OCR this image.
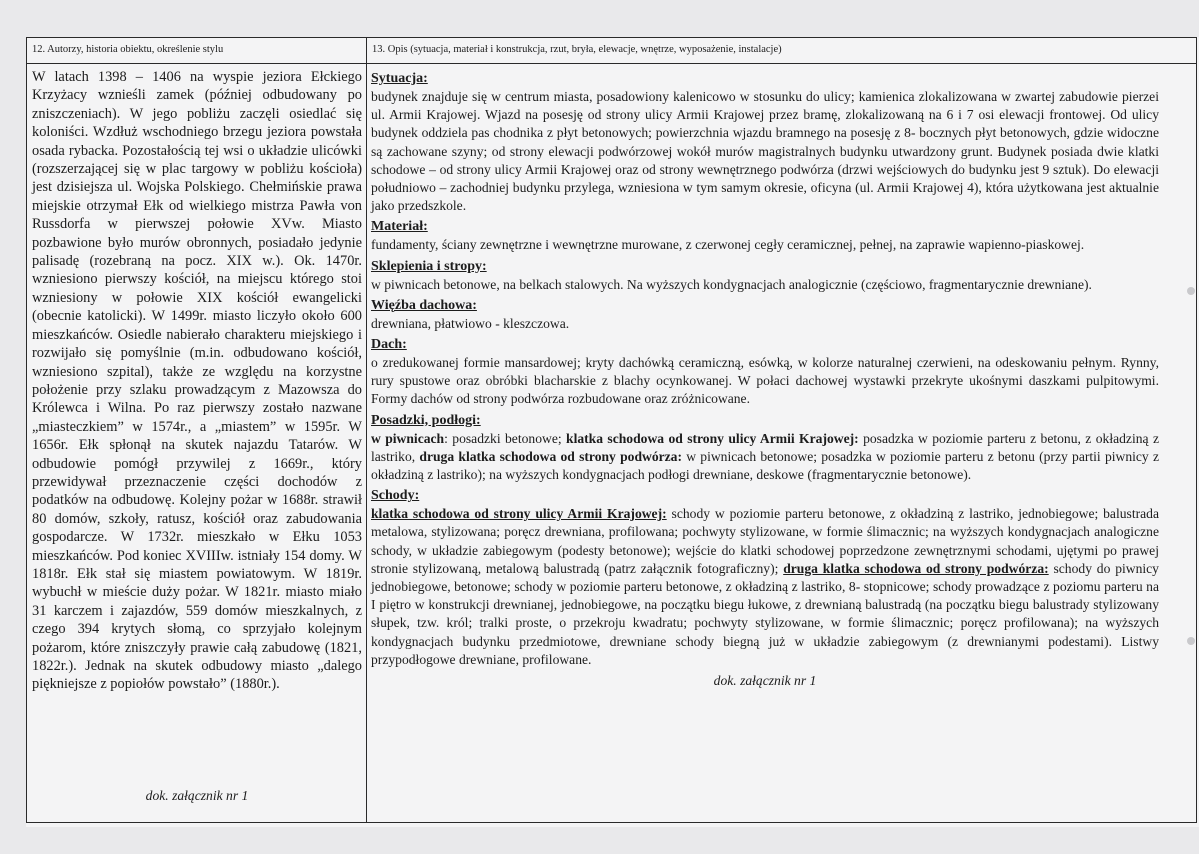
12. Autorzy, historia obiektu, określenie stylu	13. Opis (sytuacja, materiał i konstrukcja, rzut, bryła, elewacje, wnętrze, wyposażenie, instalacje)
W latach 1398 – 1406 na wyspie jeziora Ełckiego Krzyżacy wznieśli zamek (później odbudowany po zniszczeniach). W jego pobliżu zaczęli osiedlać się koloniści. Wzdłuż wschodniego brzegu jeziora powstała osada rybacka. Pozostałością tej wsi o układzie ulicówki (rozszerzającej się w plac targowy w pobliżu kościoła) jest dzisiejsza ul. Wojska Polskiego. Chełmińskie prawa miejskie otrzymał Ełk od wielkiego mistrza Pawła von Russdorfa w pierwszej połowie XVw. Miasto pozbawione było murów obronnych, posiadało jedynie palisadę (rozebraną na pocz. XIX w.). Ok. 1470r. wzniesiono pierwszy kościół, na miejscu którego stoi wzniesiony w połowie XIX kościół ewangelicki (obecnie katolicki). W 1499r. miasto liczyło około 600 mieszkańców. Osiedle nabierało charakteru miejskiego i rozwijało się pomyślnie (m.in. odbudowano kościół, wzniesiono szpital), także ze względu na korzystne położenie przy szlaku prowadzącym z Mazowsza do Królewca i Wilna. Po raz pierwszy zostało nazwane „miasteczkiem” w 1574r., a „miastem” w 1595r. W 1656r. Ełk spłonął na skutek najazdu Tatarów. W odbudowie pomógł przywilej z 1669r., który przewidywał przeznaczenie części dochodów z podatków na odbudowę. Kolejny pożar w 1688r. strawił 80 domów, szkoły, ratusz, kościół oraz zabudowania gospodarcze. W 1732r. mieszkało w Ełku 1053 mieszkańców. Pod koniec XVIIIw. istniały 154 domy. W 1818r. Ełk stał się miastem powiatowym. W 1819r. wybuchł w mieście duży pożar. W 1821r. miasto miało 31 karczem i zajazdów, 559 domów mieszkalnych, z czego 394 krytych słomą, co sprzyjało kolejnym pożarom, które zniszczyły prawie całą zabudowę (1821, 1822r.). Jednak na skutek odbudowy miasto „dalego piękniejsze z popiołów powstało” (1880r.).
dok. załącznik nr 1
Sytuacja:
budynek znajduje się w centrum miasta, posadowiony kalenicowo w stosunku do ulicy; kamienica zlokalizowana w zwartej zabudowie pierzei ul. Armii Krajowej. Wjazd na posesję od strony ulicy Armii Krajowej przez bramę, zlokalizowaną na 6 i 7 osi elewacji frontowej. Od ulicy budynek oddziela pas chodnika z płyt betonowych; powierzchnia wjazdu bramnego na posesję z 8- bocznych płyt betonowych, gdzie widoczne są zachowane szyny; od strony elewacji podwórzowej wokół murów magistralnych budynku utwardzony grunt. Budynek posiada dwie klatki schodowe – od strony ulicy Armii Krajowej oraz od strony wewnętrznego podwórza (drzwi wejściowych do budynku jest 9 sztuk). Do elewacji południowo – zachodniej budynku przylega, wzniesiona w tym samym okresie, oficyna (ul. Armii Krajowej 4), która użytkowana jest aktualnie jako przedszkole.
Materiał:
fundamenty, ściany zewnętrzne i wewnętrzne murowane, z czerwonej cegły ceramicznej, pełnej, na zaprawie wapienno-piaskowej.
Sklepienia i stropy:
w piwnicach betonowe, na belkach stalowych. Na wyższych kondygnacjach analogicznie (częściowo, fragmentarycznie drewniane).
Więźba dachowa:
drewniana, płatwiowo - kleszczowa.
Dach:
o zredukowanej formie mansardowej; kryty dachówką ceramiczną, esówką, w kolorze naturalnej czerwieni, na odeskowaniu pełnym. Rynny, rury spustowe oraz obróbki blacharskie z blachy ocynkowanej. W połaci dachowej wystawki przekryte ukośnymi daszkami pulpitowymi. Formy dachów od strony podwórza rozbudowane oraz zróżnicowane.
Posadzki, podłogi:
w piwnicach: posadzki betonowe; klatka schodowa od strony ulicy Armii Krajowej: posadzka w poziomie parteru z betonu, z okładziną z lastriko, druga klatka schodowa od strony podwórza: w piwnicach betonowe; posadzka w poziomie parteru z betonu (przy partii piwnicy z okładziną z lastriko); na wyższych kondygnacjach podłogi drewniane, deskowe (fragmentarycznie betonowe).
Schody:
klatka schodowa od strony ulicy Armii Krajowej: schody w poziomie parteru betonowe, z okładziną z lastriko, jednobiegowe; balustrada metalowa, stylizowana; poręcz drewniana, profilowana; pochwyty stylizowane, w formie ślimacznic; na wyższych kondygnacjach analogiczne schody, w układzie zabiegowym (podesty betonowe); wejście do klatki schodowej poprzedzone zewnętrznymi schodami, ujętymi po prawej stronie stylizowaną, metalową balustradą (patrz załącznik fotograficzny); druga klatka schodowa od strony podwórza: schody do piwnicy jednobiegowe, betonowe; schody w poziomie parteru betonowe, z okładziną z lastriko, 8- stopnicowe; schody prowadzące z poziomu parteru na I piętro w konstrukcji drewnianej, jednobiegowe, na początku biegu łukowe, z drewnianą balustradą (na początku biegu balustrady stylizowany słupek, tzw. król; tralki proste, o przekroju kwadratu; pochwyty stylizowane, w formie ślimacznic; poręcz profilowana); na wyższych kondygnacjach budynku przedmiotowe, drewniane schody biegną już w układzie zabiegowym (z drewnianymi podestami). Listwy przypodłogowe drewniane, profilowane.
dok. załącznik nr 1
